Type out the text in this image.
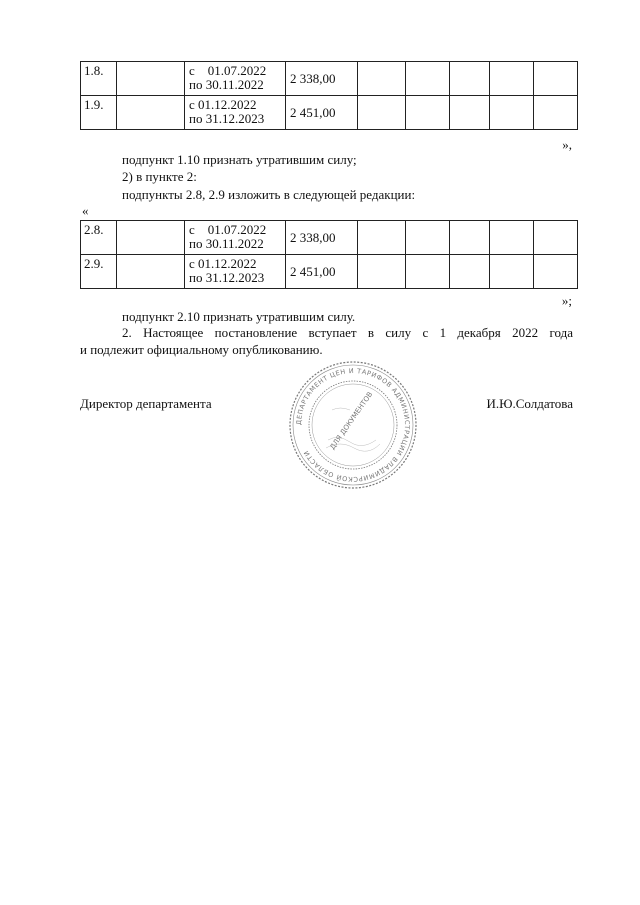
1.8.		с    01.07.2022
по 30.11.2022	2 338,00					
1.9.		с 01.12.2022
по 31.12.2023	2 451,00					
»,
подпункт 1.10 признать утратившим силу;
2) в пункте 2:
подпункты 2.8, 2.9 изложить в следующей редакции:
«
2.8.		с    01.07.2022
по 30.11.2022	2 338,00					
2.9.		с 01.12.2022
по 31.12.2023	2 451,00					
»;
подпункт 2.10 признать утратившим силу.
2. Настоящее постановление вступает в силу с 1 декабря 2022 года
и подлежит официальному опубликованию.
Директор департамента	И.Ю.Солдатова
ДЕПАРТАМЕНТ ЦЕН И ТАРИФОВ АДМИНИСТРАЦИИ ВЛАДИМИРСКОЙ ОБЛАСТИ
ДЛЯ ДОКУМЕНТОВ
